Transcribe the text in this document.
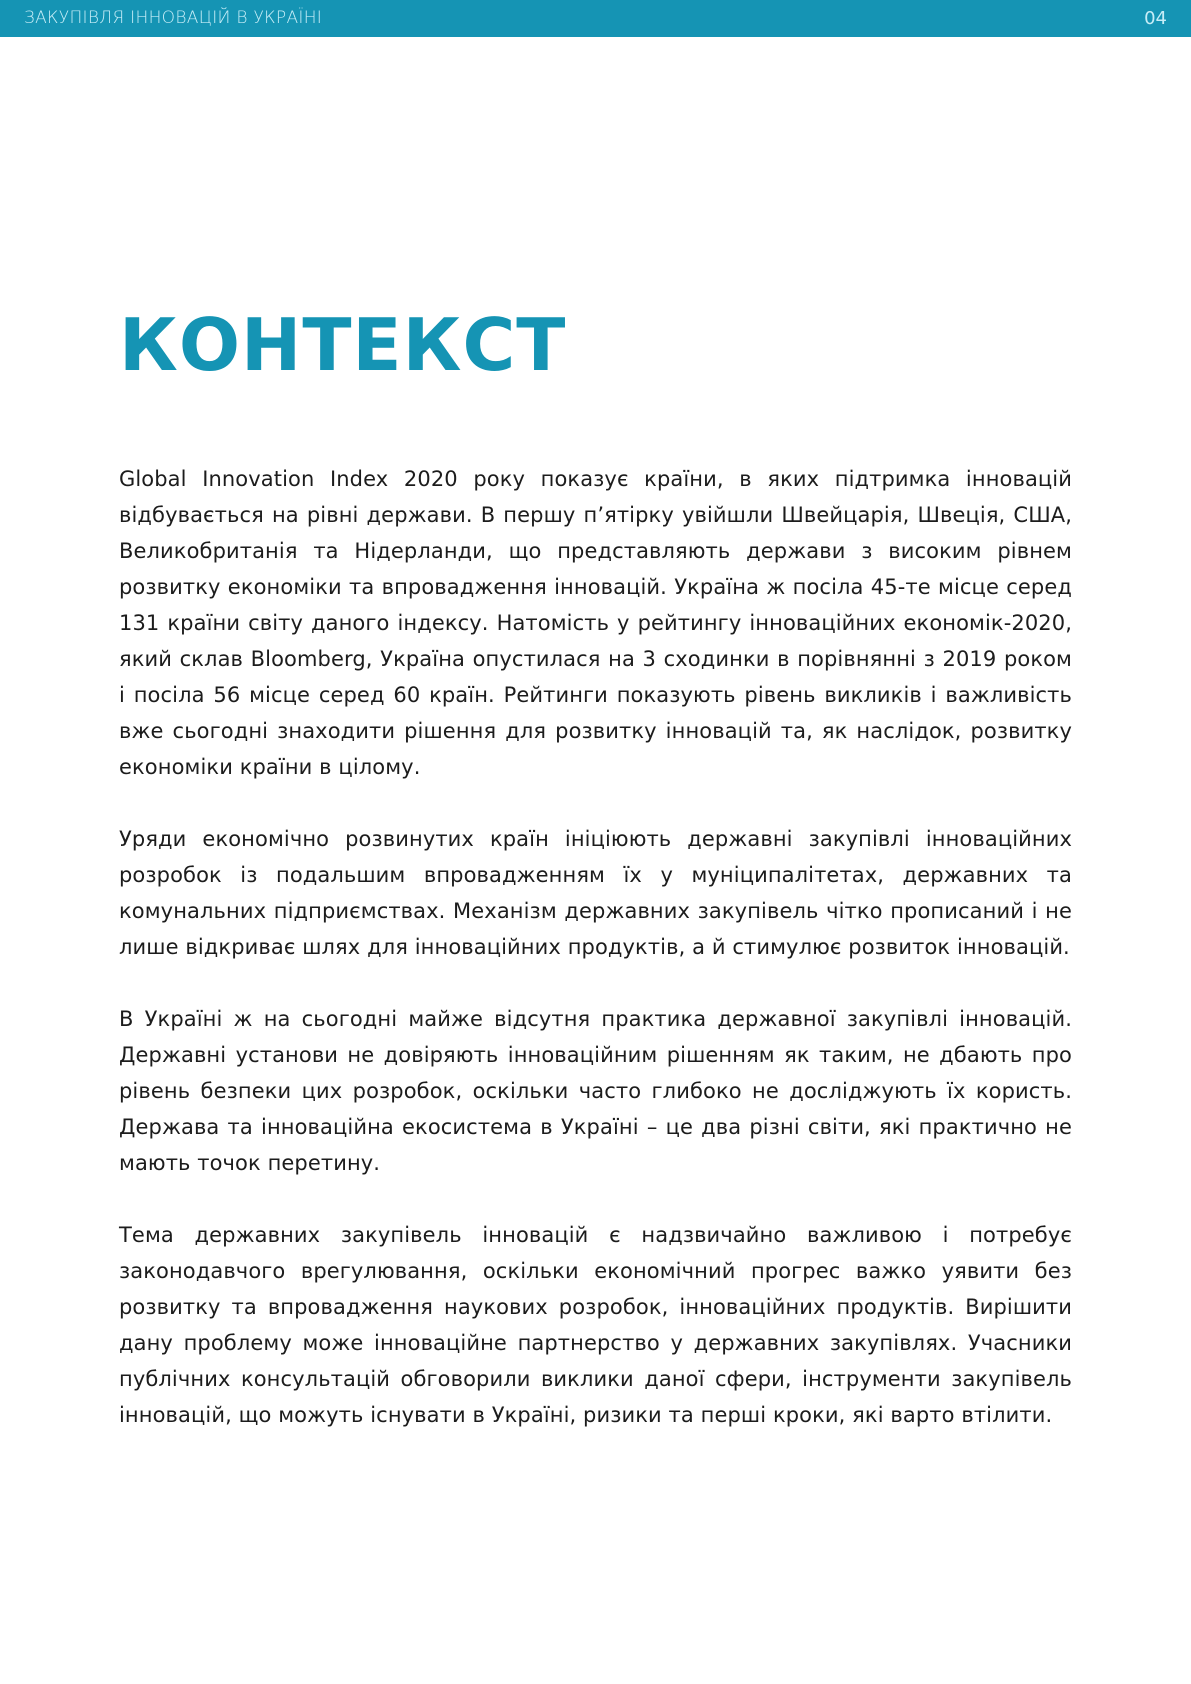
ЗАКУПІВЛЯ ІННОВАЦІЙ В УКРАЇНІ	04
КОНТЕКСТ

Global Innovation Index 2020 року показує країни, в яких підтримка інновацій відбувається на рівні держави. В першу п’ятірку увійшли Швейцарія, Швеція, США, Великобританія та Нідерланди, що представляють держави з високим рівнем розвитку економіки та впровадження інновацій. Україна ж посіла 45-те місце серед 131 країни світу даного індексу. Натомість у рейтингу інноваційних економік-2020, який склав Bloomberg, Україна опустилася на 3 сходинки в порівнянні з 2019 роком і посіла 56 місце серед 60 країн. Рейтинги показують рівень викликів і важливість вже сьогодні знаходити рішення для розвитку інновацій та, як наслідок, розвитку економіки країни в цілому.

Уряди економічно розвинутих країн ініціюють державні закупівлі інноваційних розробок із подальшим впровадженням їх у муніципалітетах, державних та комунальних підприємствах. Механізм державних закупівель чітко прописаний і не лише відкриває шлях для інноваційних продуктів, а й стимулює розвиток інновацій.

В Україні ж на сьогодні майже відсутня практика державної закупівлі інновацій. Державні установи не довіряють інноваційним рішенням як таким, не дбають про рівень безпеки цих розробок, оскільки часто глибоко не досліджують їх користь. Держава та інноваційна екосистема в Україні – це два різні світи, які практично не мають точок перетину.

Тема державних закупівель інновацій є надзвичайно важливою і потребує законодавчого врегулювання, оскільки економічний прогрес важко уявити без розвитку та впровадження наукових розробок, інноваційних продуктів. Вирішити дану проблему може інноваційне партнерство у державних закупівлях. Учасники публічних консультацій обговорили виклики даної сфери, інструменти закупівель інновацій, що можуть існувати в Україні, ризики та перші кроки, які варто втілити.
